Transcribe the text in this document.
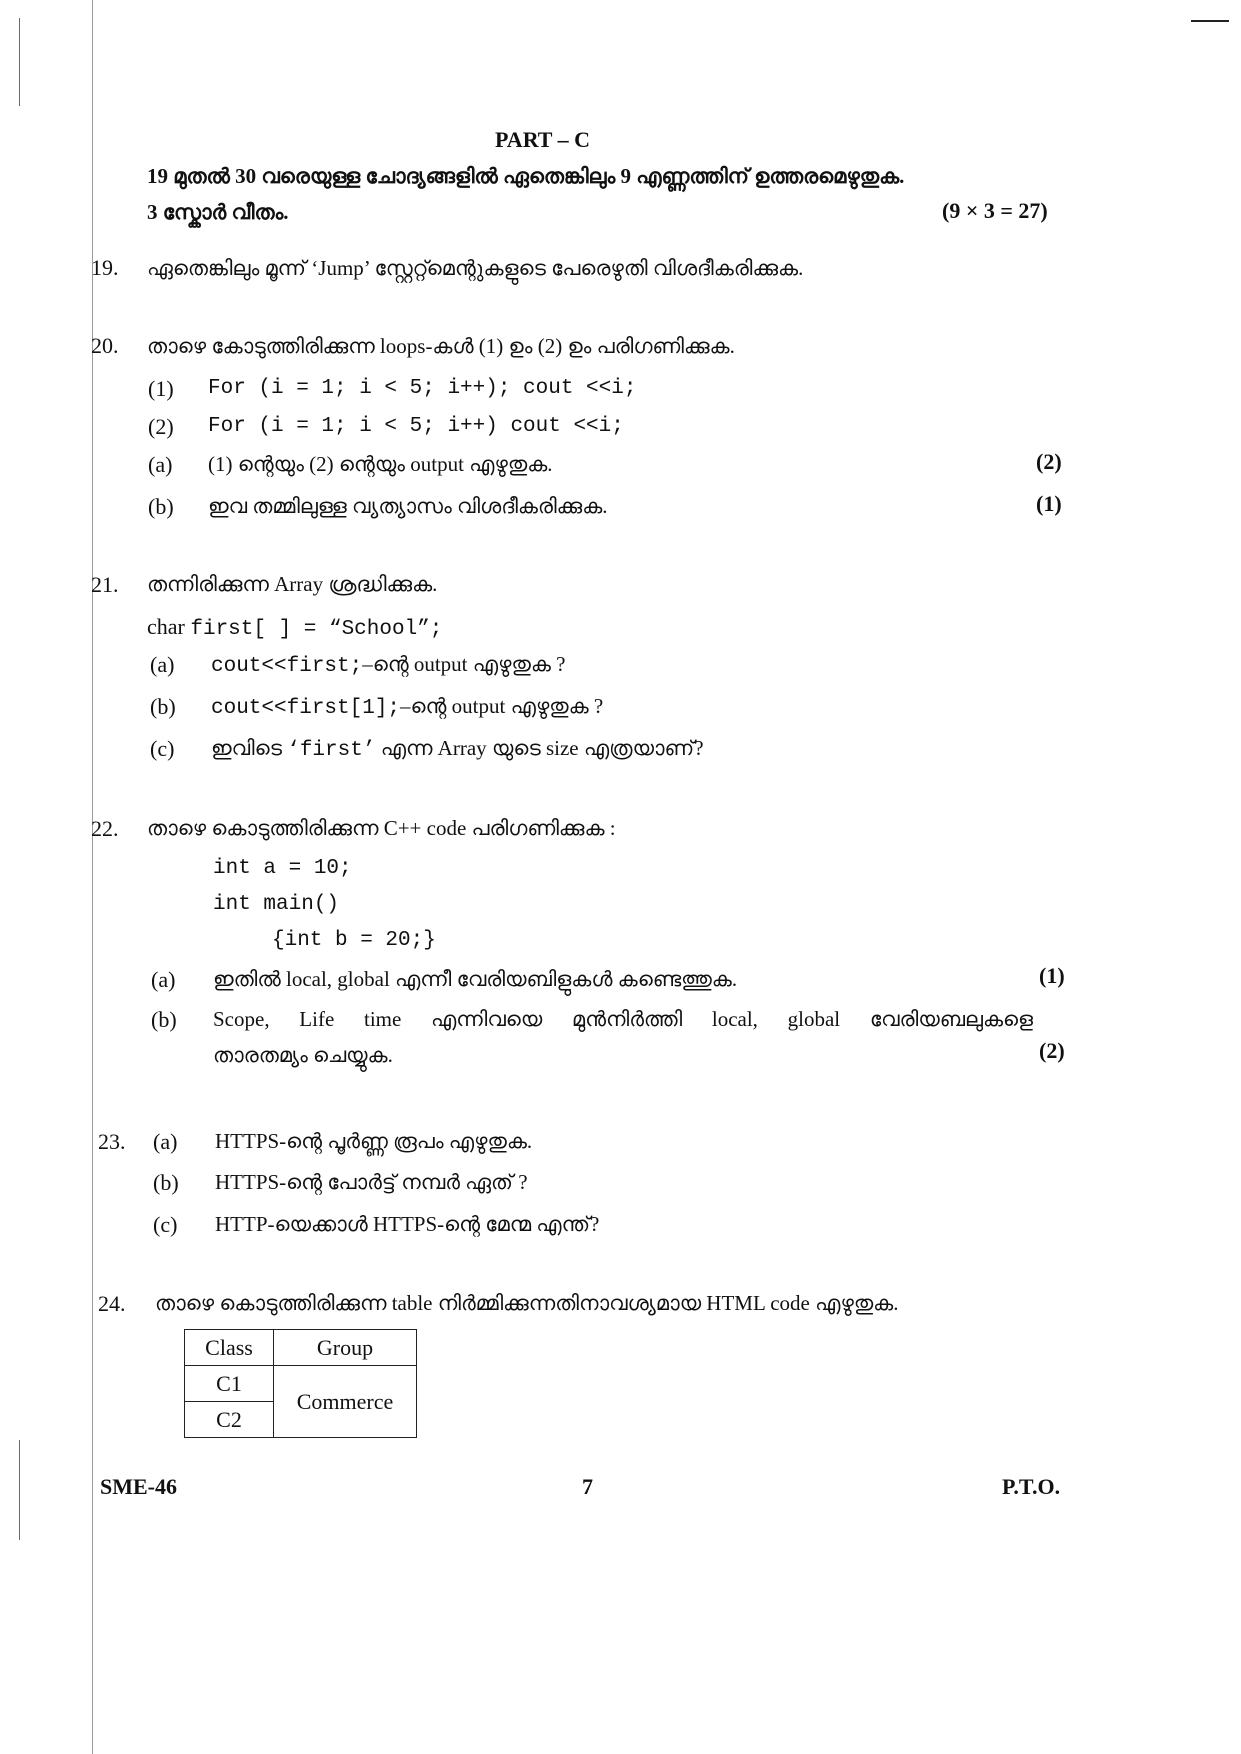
PART – C
19 മുതൽ 30 വരെയുള്ള ചോദ്യങ്ങളിൽ ഏതെങ്കിലും 9 എണ്ണത്തിന് ഉത്തരമെഴുതുക.
3 സ്കോർ വീതം.	(9 × 3 = 27)
19. ഏതെങ്കിലും മൂന്ന് ‘Jump’ സ്റ്റേറ്റ്മെന്റുകളുടെ പേരെഴുതി വിശദീകരിക്കുക.
20. താഴെ കോടുത്തിരിക്കുന്ന loops-കൾ (1) ഉം (2) ഉം പരിഗണിക്കുക.
(1) For (i = 1; i < 5; i++); cout <<i;
(2) For (i = 1; i < 5; i++) cout <<i;
(a) (1) ന്റെയും (2) ന്റെയും output എഴുതുക.	(2)
(b) ഇവ തമ്മിലുള്ള വ്യത്യാസം വിശദീകരിക്കുക.	(1)
21. തന്നിരിക്കുന്ന Array ശ്രദ്ധിക്കുക.
char first[ ] = “School”;
(a) cout<<first;–ന്റെ output എഴുതുക ?
(b) cout<<first[1];–ന്റെ output എഴുതുക ?
(c) ഇവിടെ ‘first’ എന്ന Array യുടെ size എത്രയാണ്?
22. താഴെ കൊടുത്തിരിക്കുന്ന C++ code പരിഗണിക്കുക :
int a = 10;
int main()
{int b = 20;}
(a) ഇതിൽ local, global എന്നീ വേരിയബിളുകൾ കണ്ടെത്തുക.	(1)
(b) Scope, Life time എന്നിവയെ മുൻനിർത്തി local, global വേരിയബലുകളെ
താരതമ്യം ചെയ്യുക.	(2)
23. (a) HTTPS-ന്റെ പൂർണ്ണ രൂപം എഴുതുക.
(b) HTTPS-ന്റെ പോർട്ട് നമ്പർ ഏത് ?
(c) HTTP-യെക്കാൾ HTTPS-ന്റെ മേന്മ എന്ത്?
24. താഴെ കൊടുത്തിരിക്കുന്ന table നിർമ്മിക്കുന്നതിനാവശ്യമായ HTML code എഴുതുക.
Class	Group
C1	Commerce
C2	
SME-46	7	P.T.O.
